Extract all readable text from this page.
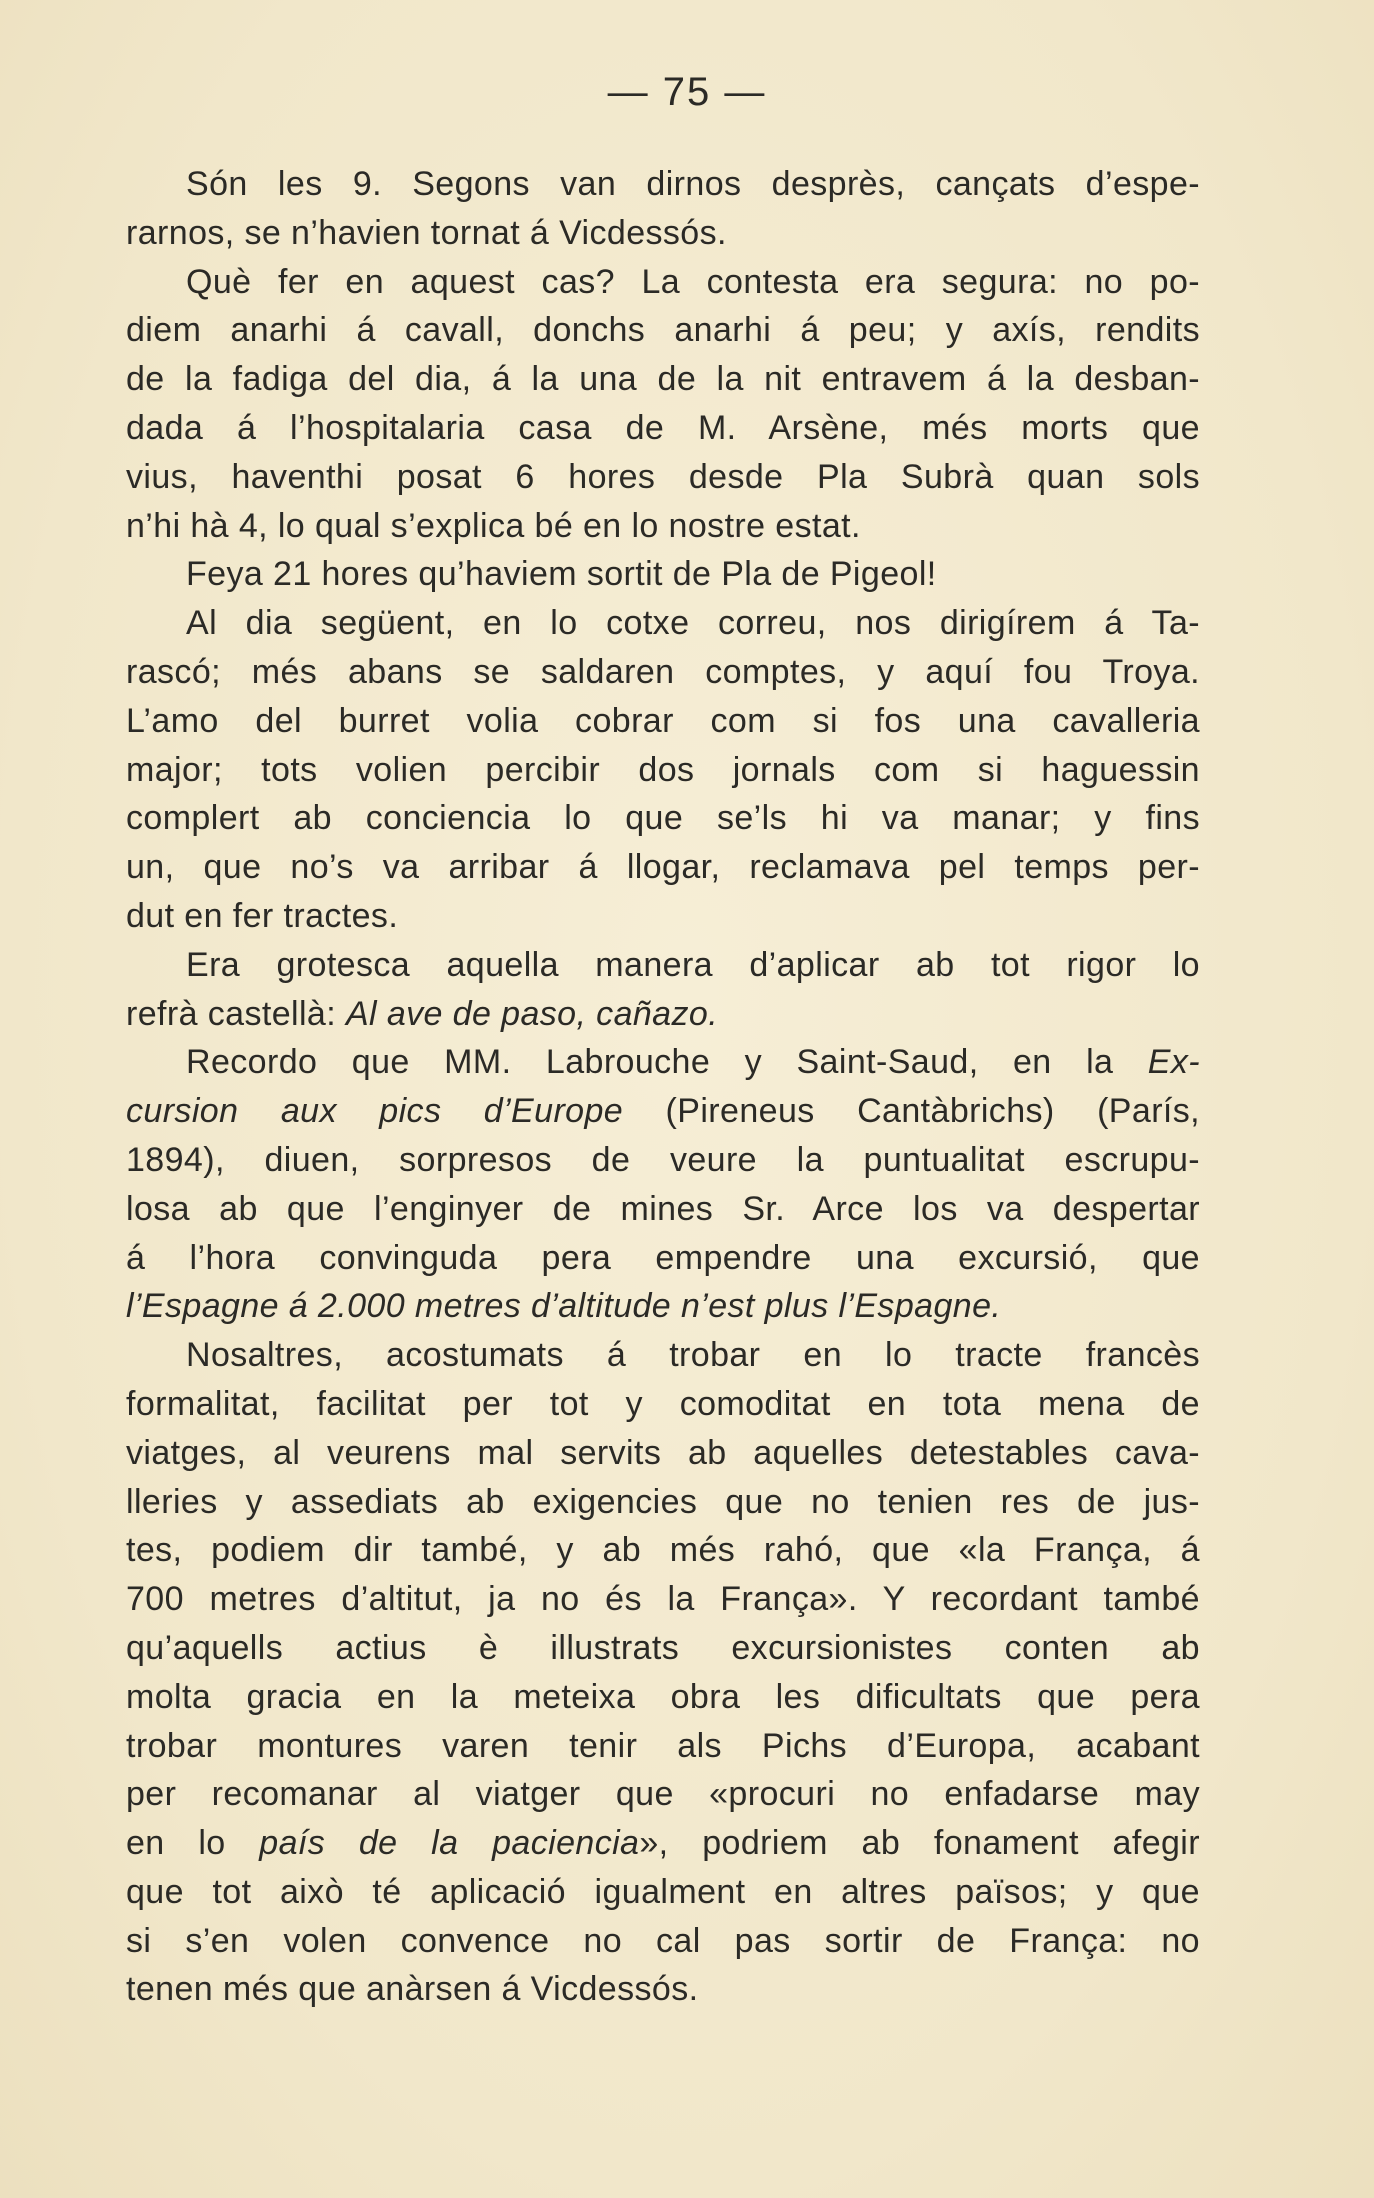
— 75 —
Són les 9. Segons van dirnos desprès, cançats d’espe-
rarnos, se n’havien tornat á Vicdessós.
Què fer en aquest cas? La contesta era segura: no po-
diem anarhi á cavall, donchs anarhi á peu; y axís, rendits
de la fadiga del dia, á la una de la nit entravem á la desban-
dada á l’hospitalaria casa de M. Arsène, més morts que
vius, haventhi posat 6 hores desde Pla Subrà quan sols
n’hi hà 4, lo qual s’explica bé en lo nostre estat.
Feya 21 hores qu’haviem sortit de Pla de Pigeol!
Al dia següent, en lo cotxe correu, nos dirigírem á Ta-
rascó; més abans se saldaren comptes, y aquí fou Troya.
L’amo del burret volia cobrar com si fos una cavalleria
major; tots volien percibir dos jornals com si haguessin
complert ab conciencia lo que se’ls hi va manar; y fins
un, que no’s va arribar á llogar, reclamava pel temps per-
dut en fer tractes.
Era grotesca aquella manera d’aplicar ab tot rigor lo
refrà castellà: Al ave de paso, cañazo.
Recordo que MM. Labrouche y Saint-Saud, en la Ex-
cursion aux pics d’Europe (Pireneus Cantàbrichs) (París,
1894), diuen, sorpresos de veure la puntualitat escrupu-
losa ab que l’enginyer de mines Sr. Arce los va despertar
á l’hora convinguda pera empendre una excursió, que
l’Espagne á 2.000 metres d’altitude n’est plus l’Espagne.
Nosaltres, acostumats á trobar en lo tracte francès
formalitat, facilitat per tot y comoditat en tota mena de
viatges, al veurens mal servits ab aquelles detestables cava-
lleries y assediats ab exigencies que no tenien res de jus-
tes, podiem dir també, y ab més rahó, que «la França, á
700 metres d’altitut, ja no és la França». Y recordant també
qu’aquells actius è illustrats excursionistes conten ab
molta gracia en la meteixa obra les dificultats que pera
trobar montures varen tenir als Pichs d’Europa, acabant
per recomanar al viatger que «procuri no enfadarse may
en lo país de la paciencia», podriem ab fonament afegir
que tot això té aplicació igualment en altres països; y que
si s’en volen convence no cal pas sortir de França: no
tenen més que anàrsen á Vicdessós.
